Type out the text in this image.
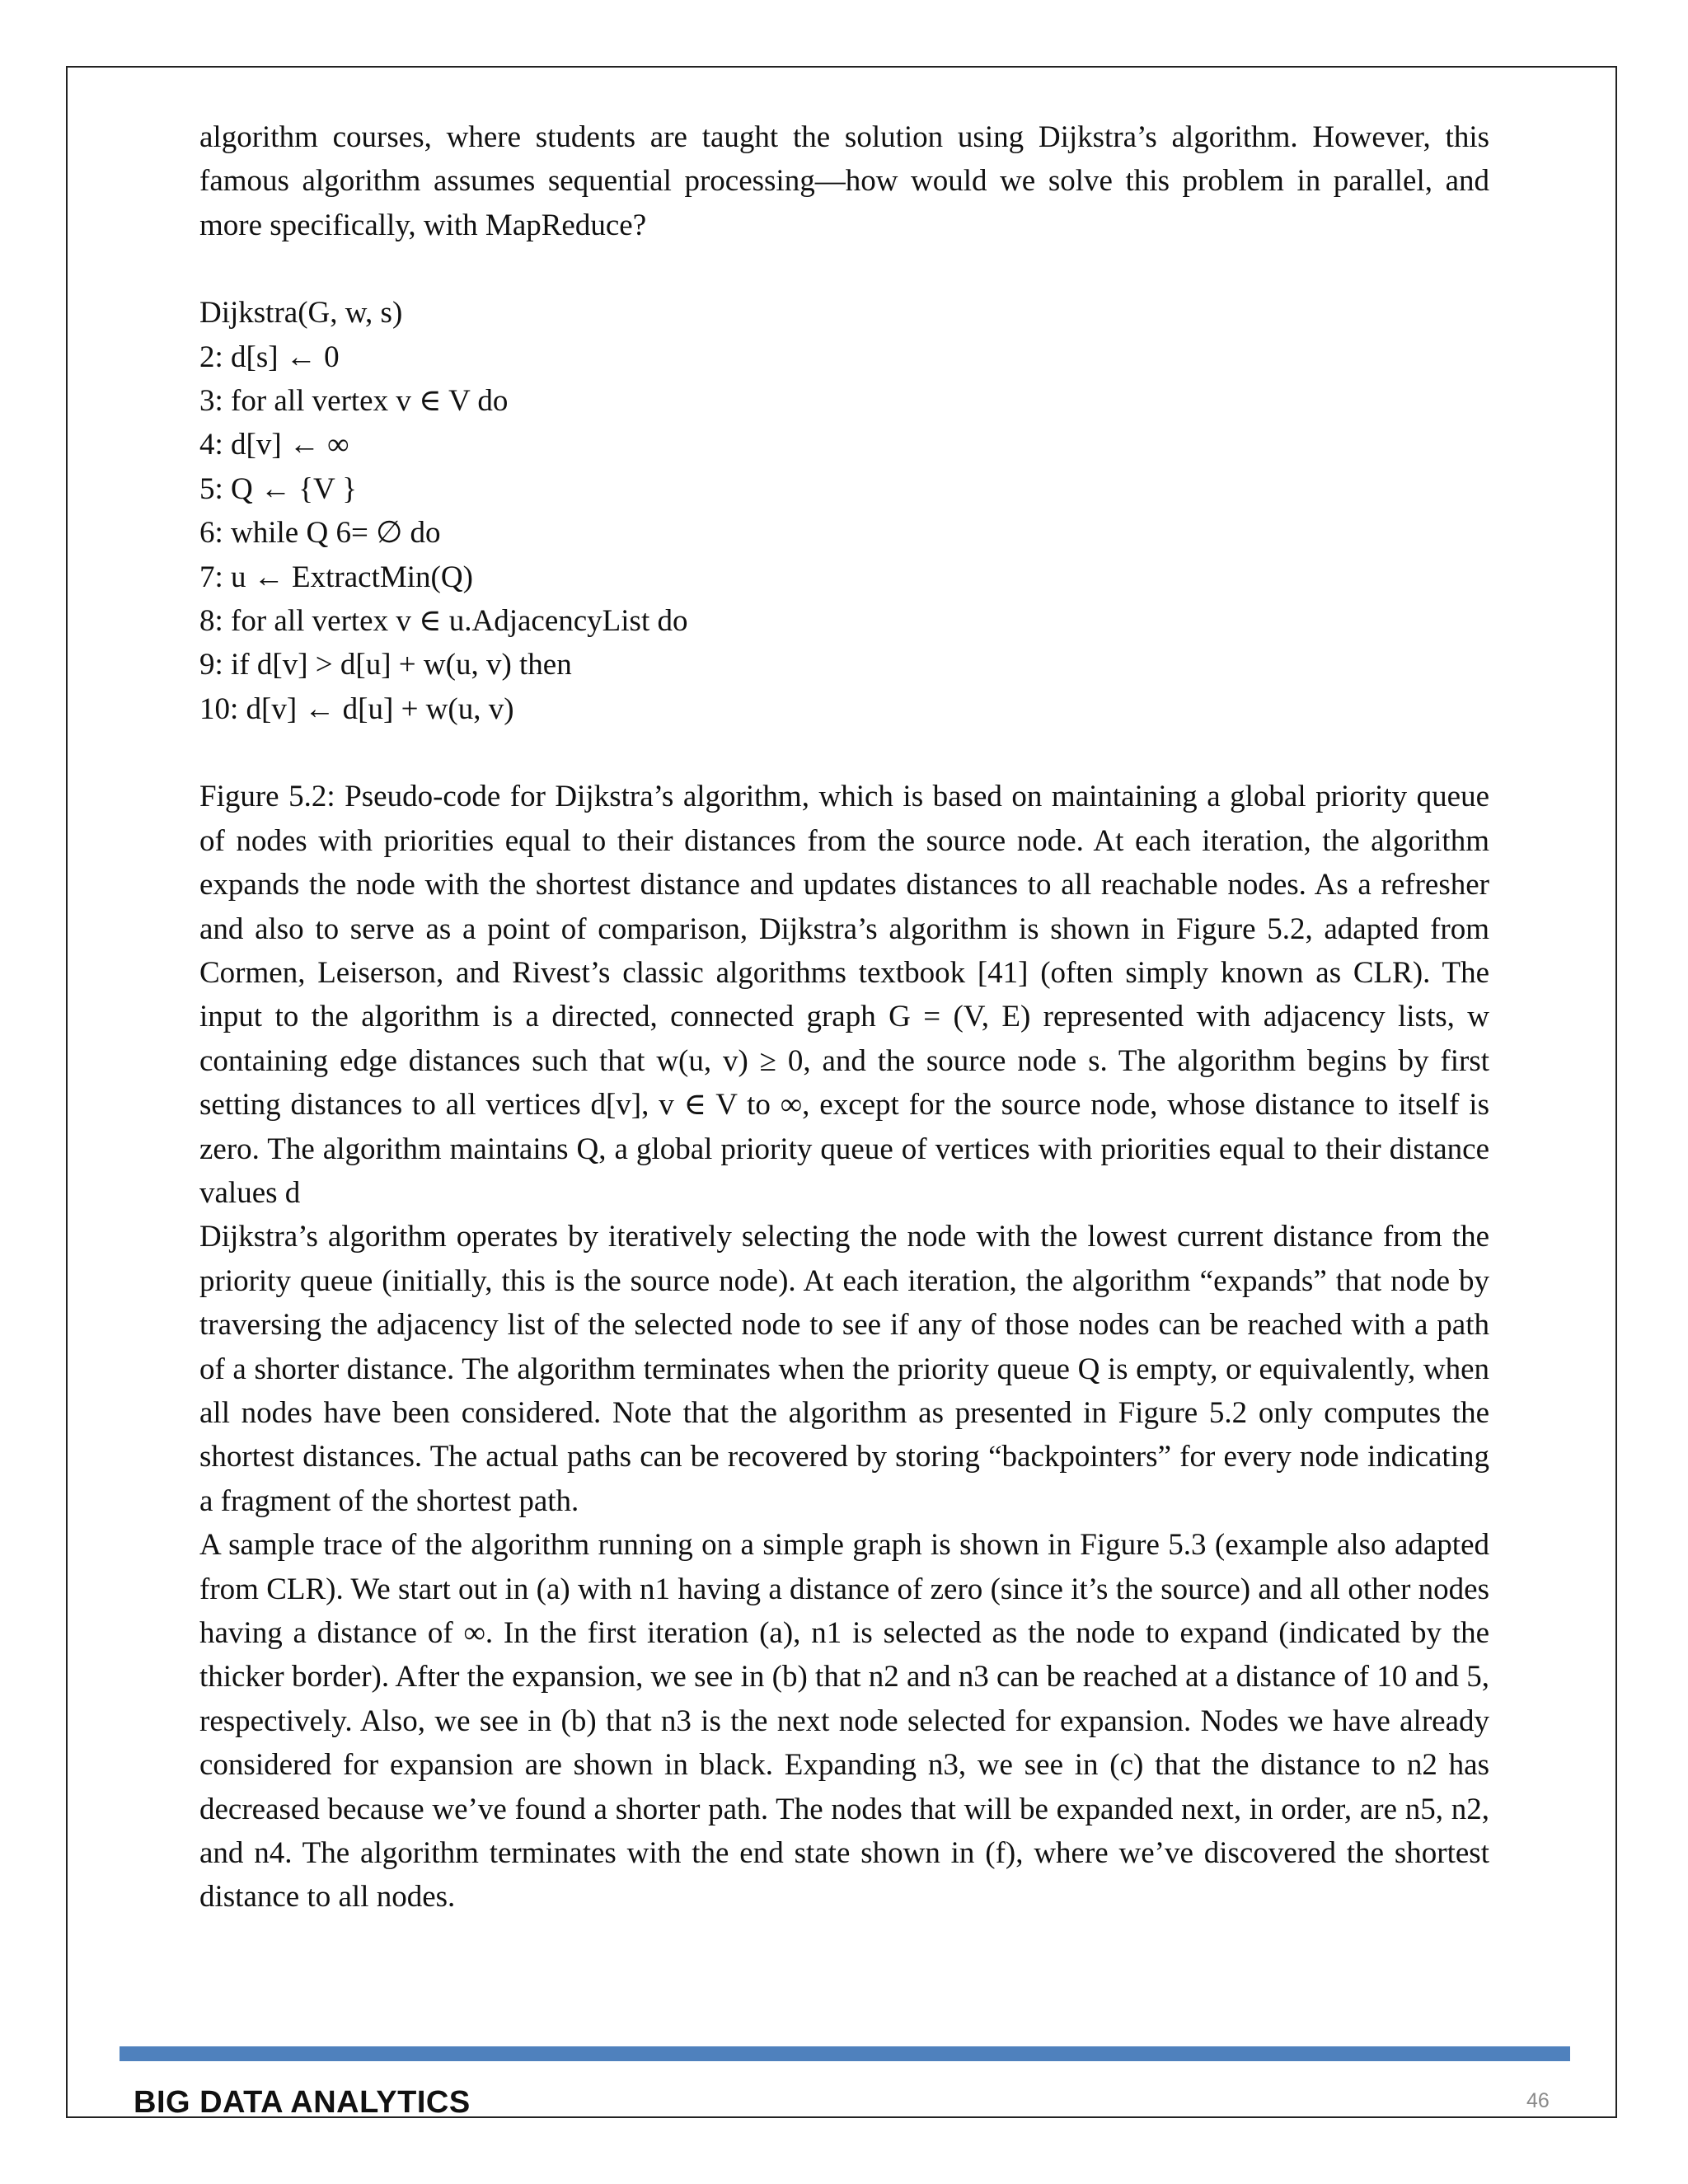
algorithm courses, where students are taught the solution using Dijkstra’s algorithm. However, this famous algorithm assumes sequential processing—how would we solve this problem in parallel, and more specifically, with MapReduce?

Dijkstra(G, w, s)
2: d[s] ← 0
3: for all vertex v ∈ V do
4: d[v] ← ∞
5: Q ← {V }
6: while Q 6= ∅ do
7: u ← ExtractMin(Q)
8: for all vertex v ∈ u.AdjacencyList do
9: if d[v] > d[u] + w(u, v) then
10: d[v] ← d[u] + w(u, v)

Figure 5.2: Pseudo-code for Dijkstra’s algorithm, which is based on maintaining a global priority queue of nodes with priorities equal to their distances from the source node. At each iteration, the algorithm expands the node with the shortest distance and updates distances to all reachable nodes. As a refresher and also to serve as a point of comparison, Dijkstra’s algorithm is shown in Figure 5.2, adapted from Cormen, Leiserson, and Rivest’s classic algorithms textbook [41] (often simply known as CLR). The input to the algorithm is a directed, connected graph G = (V, E) represented with adjacency lists, w containing edge distances such that w(u, v) ≥ 0, and the source node s. The algorithm begins by first setting distances to all vertices d[v], v ∈ V to ∞, except for the source node, whose distance to itself is zero. The algorithm maintains Q, a global priority queue of vertices with priorities equal to their distance values d

Dijkstra’s algorithm operates by iteratively selecting the node with the lowest current distance from the priority queue (initially, this is the source node). At each iteration, the algorithm “expands” that node by traversing the adjacency list of the selected node to see if any of those nodes can be reached with a path of a shorter distance. The algorithm terminates when the priority queue Q is empty, or equivalently, when all nodes have been considered. Note that the algorithm as presented in Figure 5.2 only computes the shortest distances. The actual paths can be recovered by storing “backpointers” for every node indicating a fragment of the shortest path.

A sample trace of the algorithm running on a simple graph is shown in Figure 5.3 (example also adapted from CLR). We start out in (a) with n1 having a distance of zero (since it’s the source) and all other nodes having a distance of ∞. In the first iteration (a), n1 is selected as the node to expand (indicated by the thicker border). After the expansion, we see in (b) that n2 and n3 can be reached at a distance of 10 and 5, respectively. Also, we see in (b) that n3 is the next node selected for expansion. Nodes we have already considered for expansion are shown in black. Expanding n3, we see in (c) that the distance to n2 has decreased because we’ve found a shorter path. The nodes that will be expanded next, in order, are n5, n2, and n4. The algorithm terminates with the end state shown in (f), where we’ve discovered the shortest distance to all nodes.

BIG DATA ANALYTICS	46
